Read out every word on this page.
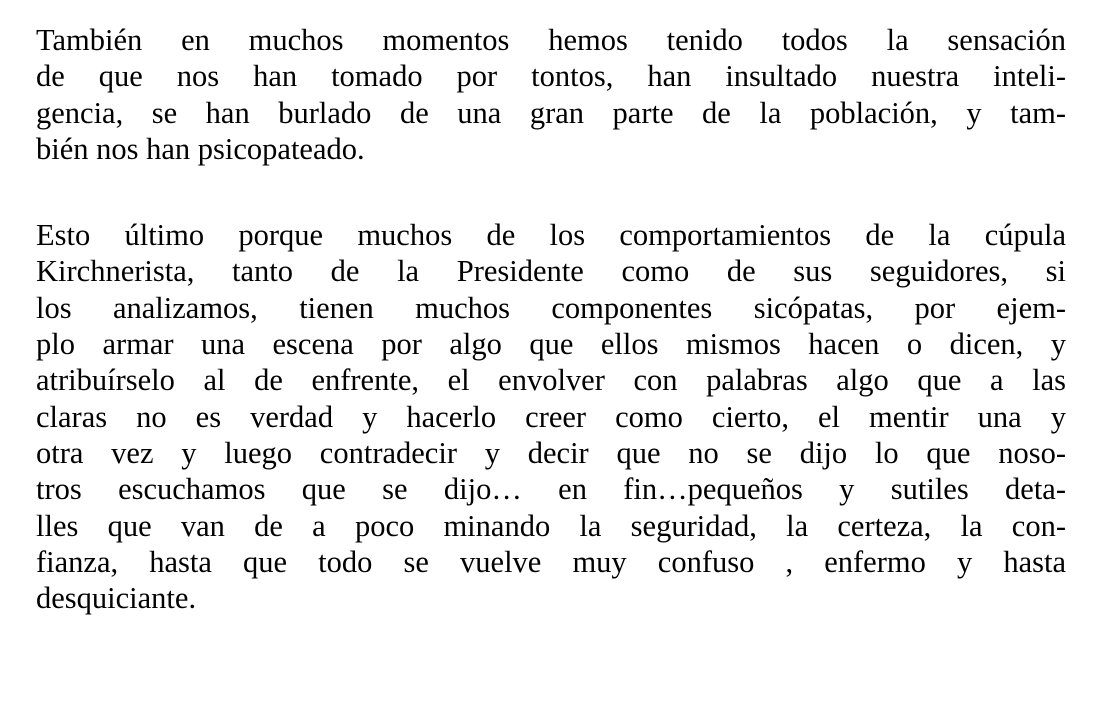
También en muchos momentos hemos tenido todos la sensación
de que nos han tomado por tontos, han insultado nuestra inteli-
gencia, se han burlado de una gran parte de la población, y tam-
bién nos han psicopateado.
Esto último porque muchos de los comportamientos de la cúpula
Kirchnerista, tanto de la Presidente como de sus seguidores, si
los analizamos, tienen muchos componentes sicópatas, por ejem-
plo armar una escena por algo que ellos mismos hacen o dicen, y
atribuírselo al de enfrente, el envolver con palabras algo que a las
claras no es verdad y hacerlo creer como cierto, el mentir una y
otra vez y luego contradecir y decir que no se dijo lo que noso-
tros escuchamos que se dijo… en fin…pequeños y sutiles deta-
lles que van de a poco minando la seguridad, la certeza, la con-
fianza, hasta que todo se vuelve muy confuso , enfermo y hasta
desquiciante.
